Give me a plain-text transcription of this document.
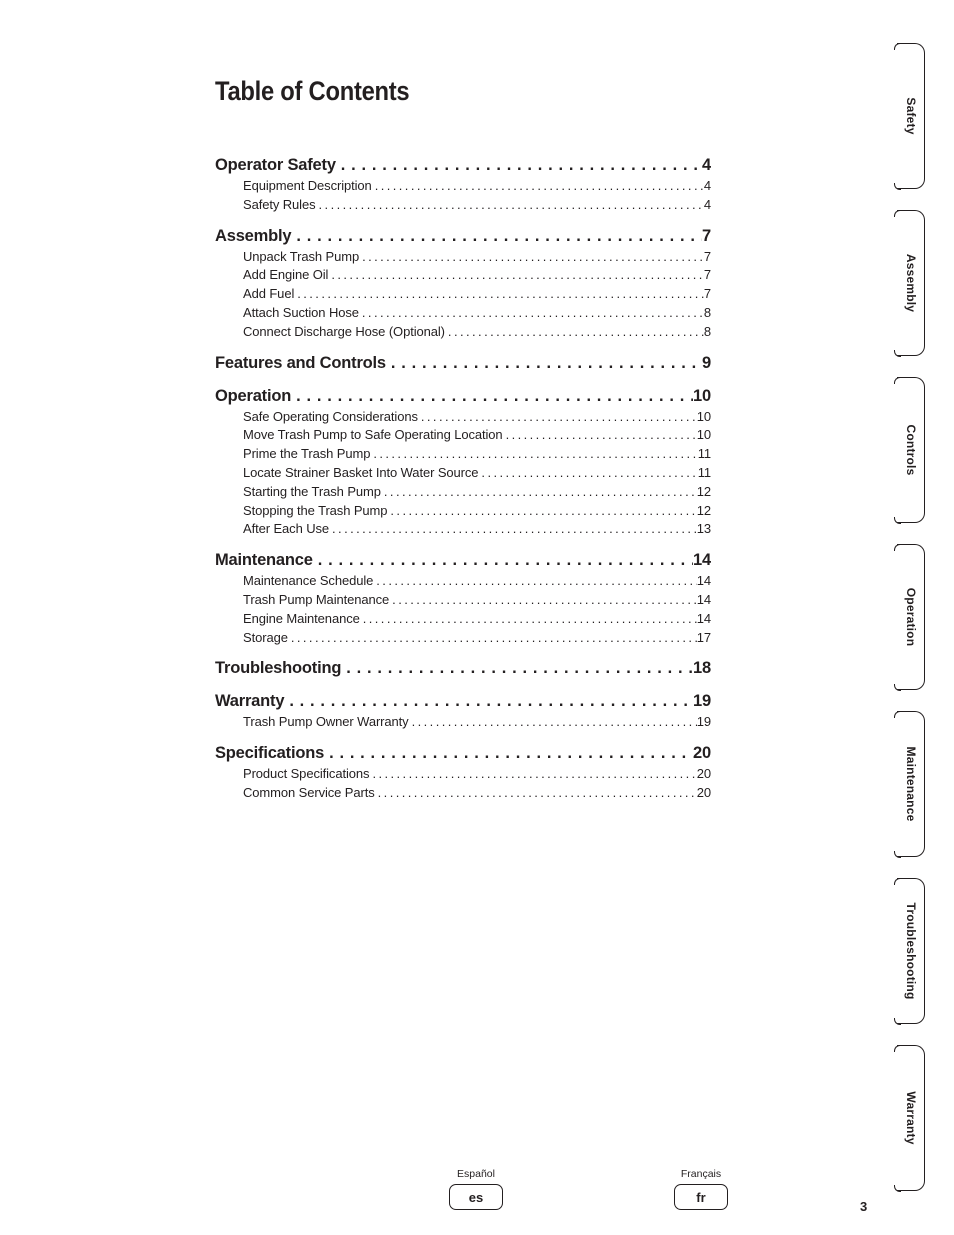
Table of Contents
Operator Safety . . .	4
Equipment Description . . .	4
Safety Rules . . .	4
Assembly . . .	7
Unpack Trash Pump . . .	7
Add Engine Oil . . .	7
Add Fuel . . .	7
Attach Suction Hose . . .	8
Connect Discharge Hose (Optional) . . .	8
Features and Controls . . .	9
Operation . . .	10
Safe Operating Considerations . . .	10
Move Trash Pump to Safe Operating Location . . .	10
Prime the Trash Pump . . .	11
Locate Strainer Basket Into Water Source . . .	11
Starting the Trash Pump . . .	12
Stopping the Trash Pump . . .	12
After Each Use . . .	13
Maintenance . . .	14
Maintenance Schedule . . .	14
Trash Pump Maintenance . . .	14
Engine Maintenance . . .	14
Storage . . .	17
Troubleshooting . . .	18
Warranty . . .	19
Trash Pump Owner Warranty . . .	19
Specifications . . .	20
Product Specifications . . .	20
Common Service Parts . . .	20
Safety
Assembly
Controls
Operation
Maintenance
Troubleshooting
Warranty
Español
es
Français
fr
3
